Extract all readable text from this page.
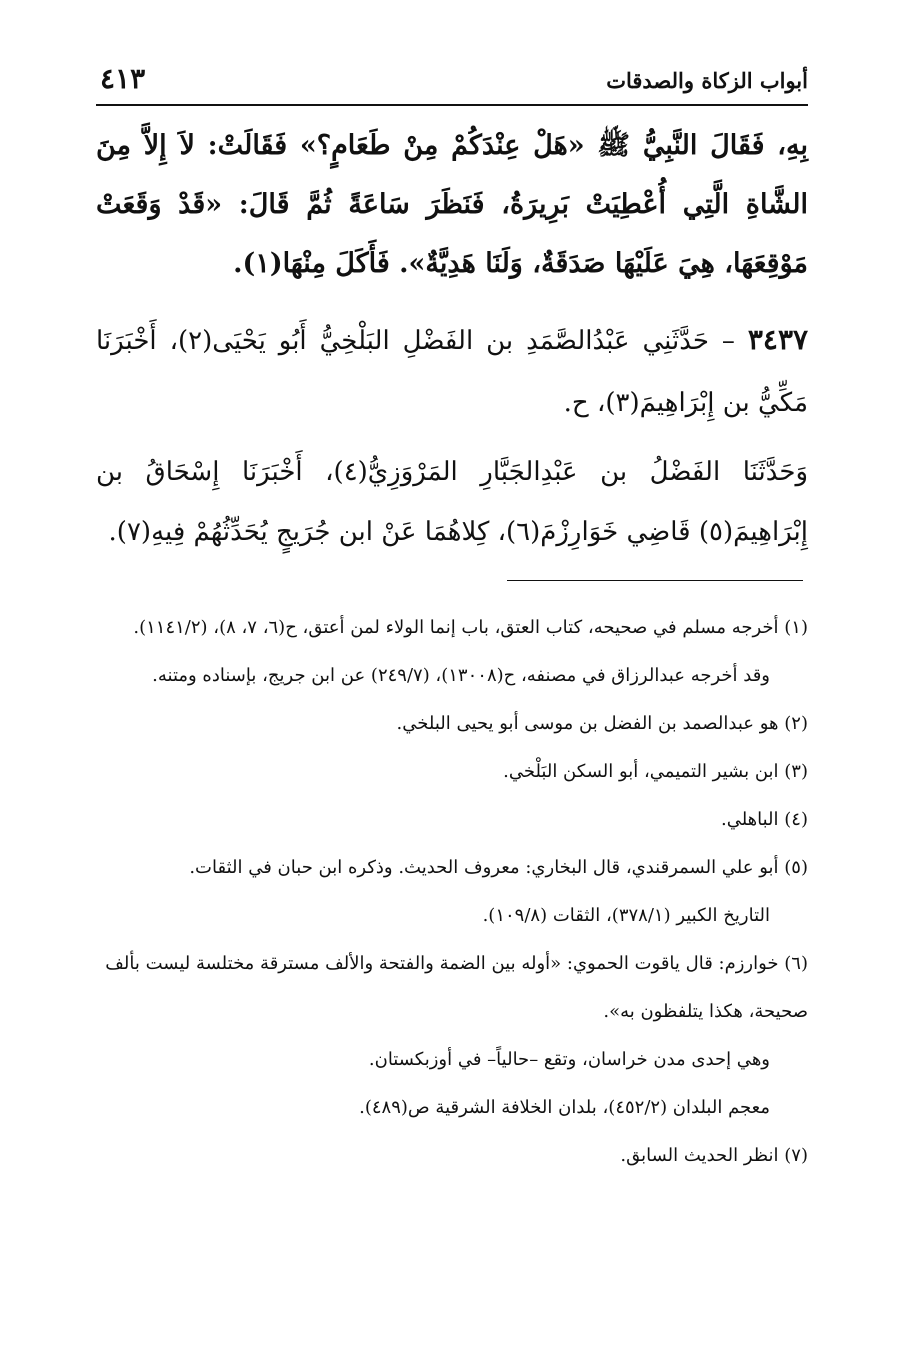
أبواب الزكاة والصدقات
٤١٣

بِهِ، فَقَالَ النَّبِيُّ ﷺ «هَلْ عِنْدَكُمْ مِنْ طَعَامٍ؟» فَقَالَتْ: لاَ إِلاَّ مِنَ الشَّاةِ الَّتِي أُعْطِيَتْ بَرِيرَةُ، فَنَظَرَ سَاعَةً ثُمَّ قَالَ: «قَدْ وَقَعَتْ مَوْقِعَهَا، هِيَ عَلَيْهَا صَدَقَةٌ، وَلَنَا هَدِيَّةٌ». فَأَكَلَ مِنْهَا(١).

٣٤٣٧ – حَدَّثَنِي عَبْدُالصَّمَدِ بن الفَضْلِ البَلْخِيُّ أَبُو يَحْيَى(٢)، أَخْبَرَنَا مَكِّيُّ بن إِبْرَاهِيمَ(٣)، ح.

وَحَدَّثَنَا الفَضْلُ بن عَبْدِالجَبَّارِ المَرْوَزِيُّ(٤)، أَخْبَرَنَا إِسْحَاقُ بن إِبْرَاهِيمَ(٥) قَاضِي خَوَارِزْمَ(٦)، كِلاهُمَا عَنْ ابن جُرَيجٍ يُحَدِّثُهُمْ فِيهِ(٧).

(١) أخرجه مسلم في صحيحه، كتاب العتق، باب إنما الولاء لمن أعتق، ح(٦، ٧، ٨)، (١١٤١/٢).

وقد أخرجه عبدالرزاق في مصنفه، ح(١٣٠٠٨)، (٢٤٩/٧) عن ابن جريج، بإسناده ومتنه.

(٢) هو عبدالصمد بن الفضل بن موسى أبو يحيى البلخي.

(٣) ابن بشير التميمي، أبو السكن البَلْخي.

(٤) الباهلي.

(٥) أبو علي السمرقندي، قال البخاري: معروف الحديث. وذكره ابن حبان في الثقات.

التاريخ الكبير (٣٧٨/١)، الثقات (١٠٩/٨).

(٦) خوارزم: قال ياقوت الحموي: «أوله بين الضمة والفتحة والألف مسترقة مختلسة ليست بألف صحيحة، هكذا يتلفظون به».

وهي إحدى مدن خراسان، وتقع –حالياً– في أوزبكستان.

معجم البلدان (٤٥٢/٢)، بلدان الخلافة الشرقية ص(٤٨٩).

(٧) انظر الحديث السابق.
